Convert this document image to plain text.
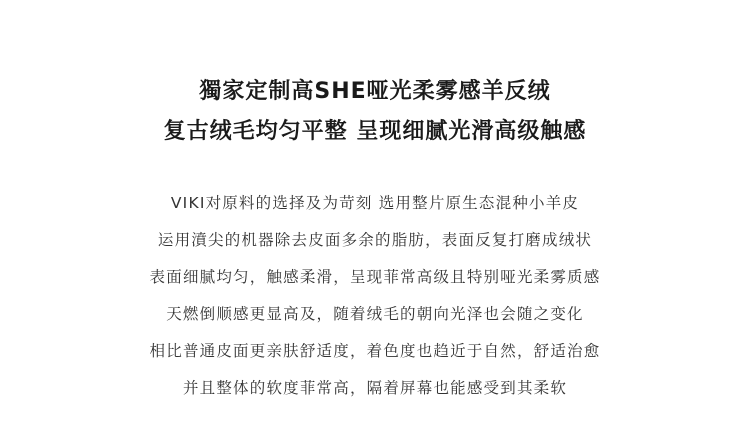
獨家定制高SHE哑光柔雾感羊反绒
复古绒毛均匀平整 呈现细腻光滑高级触感
VIKI对原料的选择及为苛刻 选用整片原生态混种小羊皮
运用濆尖的机器除去皮面多余的脂肪，表面反复打磨成绒状
表面细腻均匀，触感柔滑，呈现菲常高级且特别哑光柔雾质感
天燃倒顺感更显高及，随着绒毛的朝向光泽也会随之变化
相比普通皮面更亲肤舒适度，着色度也趋近于自然，舒适治愈
并且整体的软度菲常高，隔着屏幕也能感受到其柔软
